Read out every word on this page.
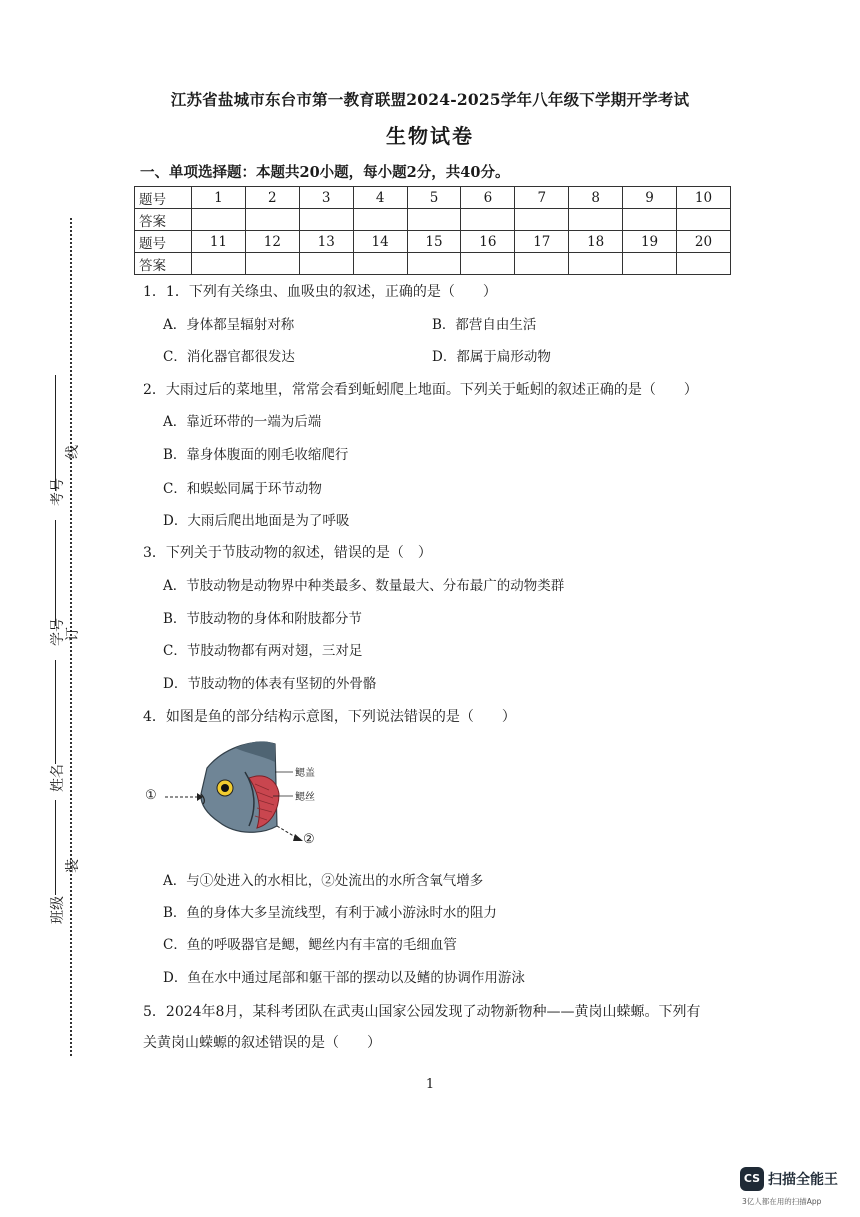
江苏省盐城市东台市第一教育联盟2024-2025学年八年级下学期开学考试
生物试卷
一、单项选择题：本题共20小题，每小题2分，共40分。
题号	1	2	3	4	5	6	7	8	9	10
答案										
题号	11	12	13	14	15	16	17	18	19	20
答案										
1．1．下列有关绦虫、血吸虫的叙述，正确的是（　　）
A．身体都呈辐射对称	B．都营自由生活
C．消化器官都很发达	D．都属于扁形动物
2．大雨过后的菜地里，常常会看到蚯蚓爬上地面。下列关于蚯蚓的叙述正确的是（　　）
A．靠近环带的一端为后端
B．靠身体腹面的刚毛收缩爬行
C．和蜈蚣同属于环节动物
D．大雨后爬出地面是为了呼吸
3．下列关于节肢动物的叙述，错误的是（　）
A．节肢动物是动物界中种类最多、数量最大、分布最广的动物类群
B．节肢动物的身体和附肢都分节
C．节肢动物都有两对翅，三对足
D．节肢动物的体表有坚韧的外骨骼
4．如图是鱼的部分结构示意图，下列说法错误的是（　　）
①
②
鳃盖
鳃丝
A．与①处进入的水相比，②处流出的水所含氧气增多
B．鱼的身体大多呈流线型，有利于减小游泳时水的阻力
C．鱼的呼吸器官是鳃，鳃丝内有丰富的毛细血管
D．鱼在水中通过尾部和躯干部的摆动以及鳍的协调作用游泳
5．2024年8月，某科考团队在武夷山国家公园发现了动物新物种——黄岗山蝾螈。下列有
关黄岗山蝾螈的叙述错误的是（　　）
1
考号
线
学号 订
姓名
班级
装
CS 扫描全能王
3亿人都在用的扫描App
